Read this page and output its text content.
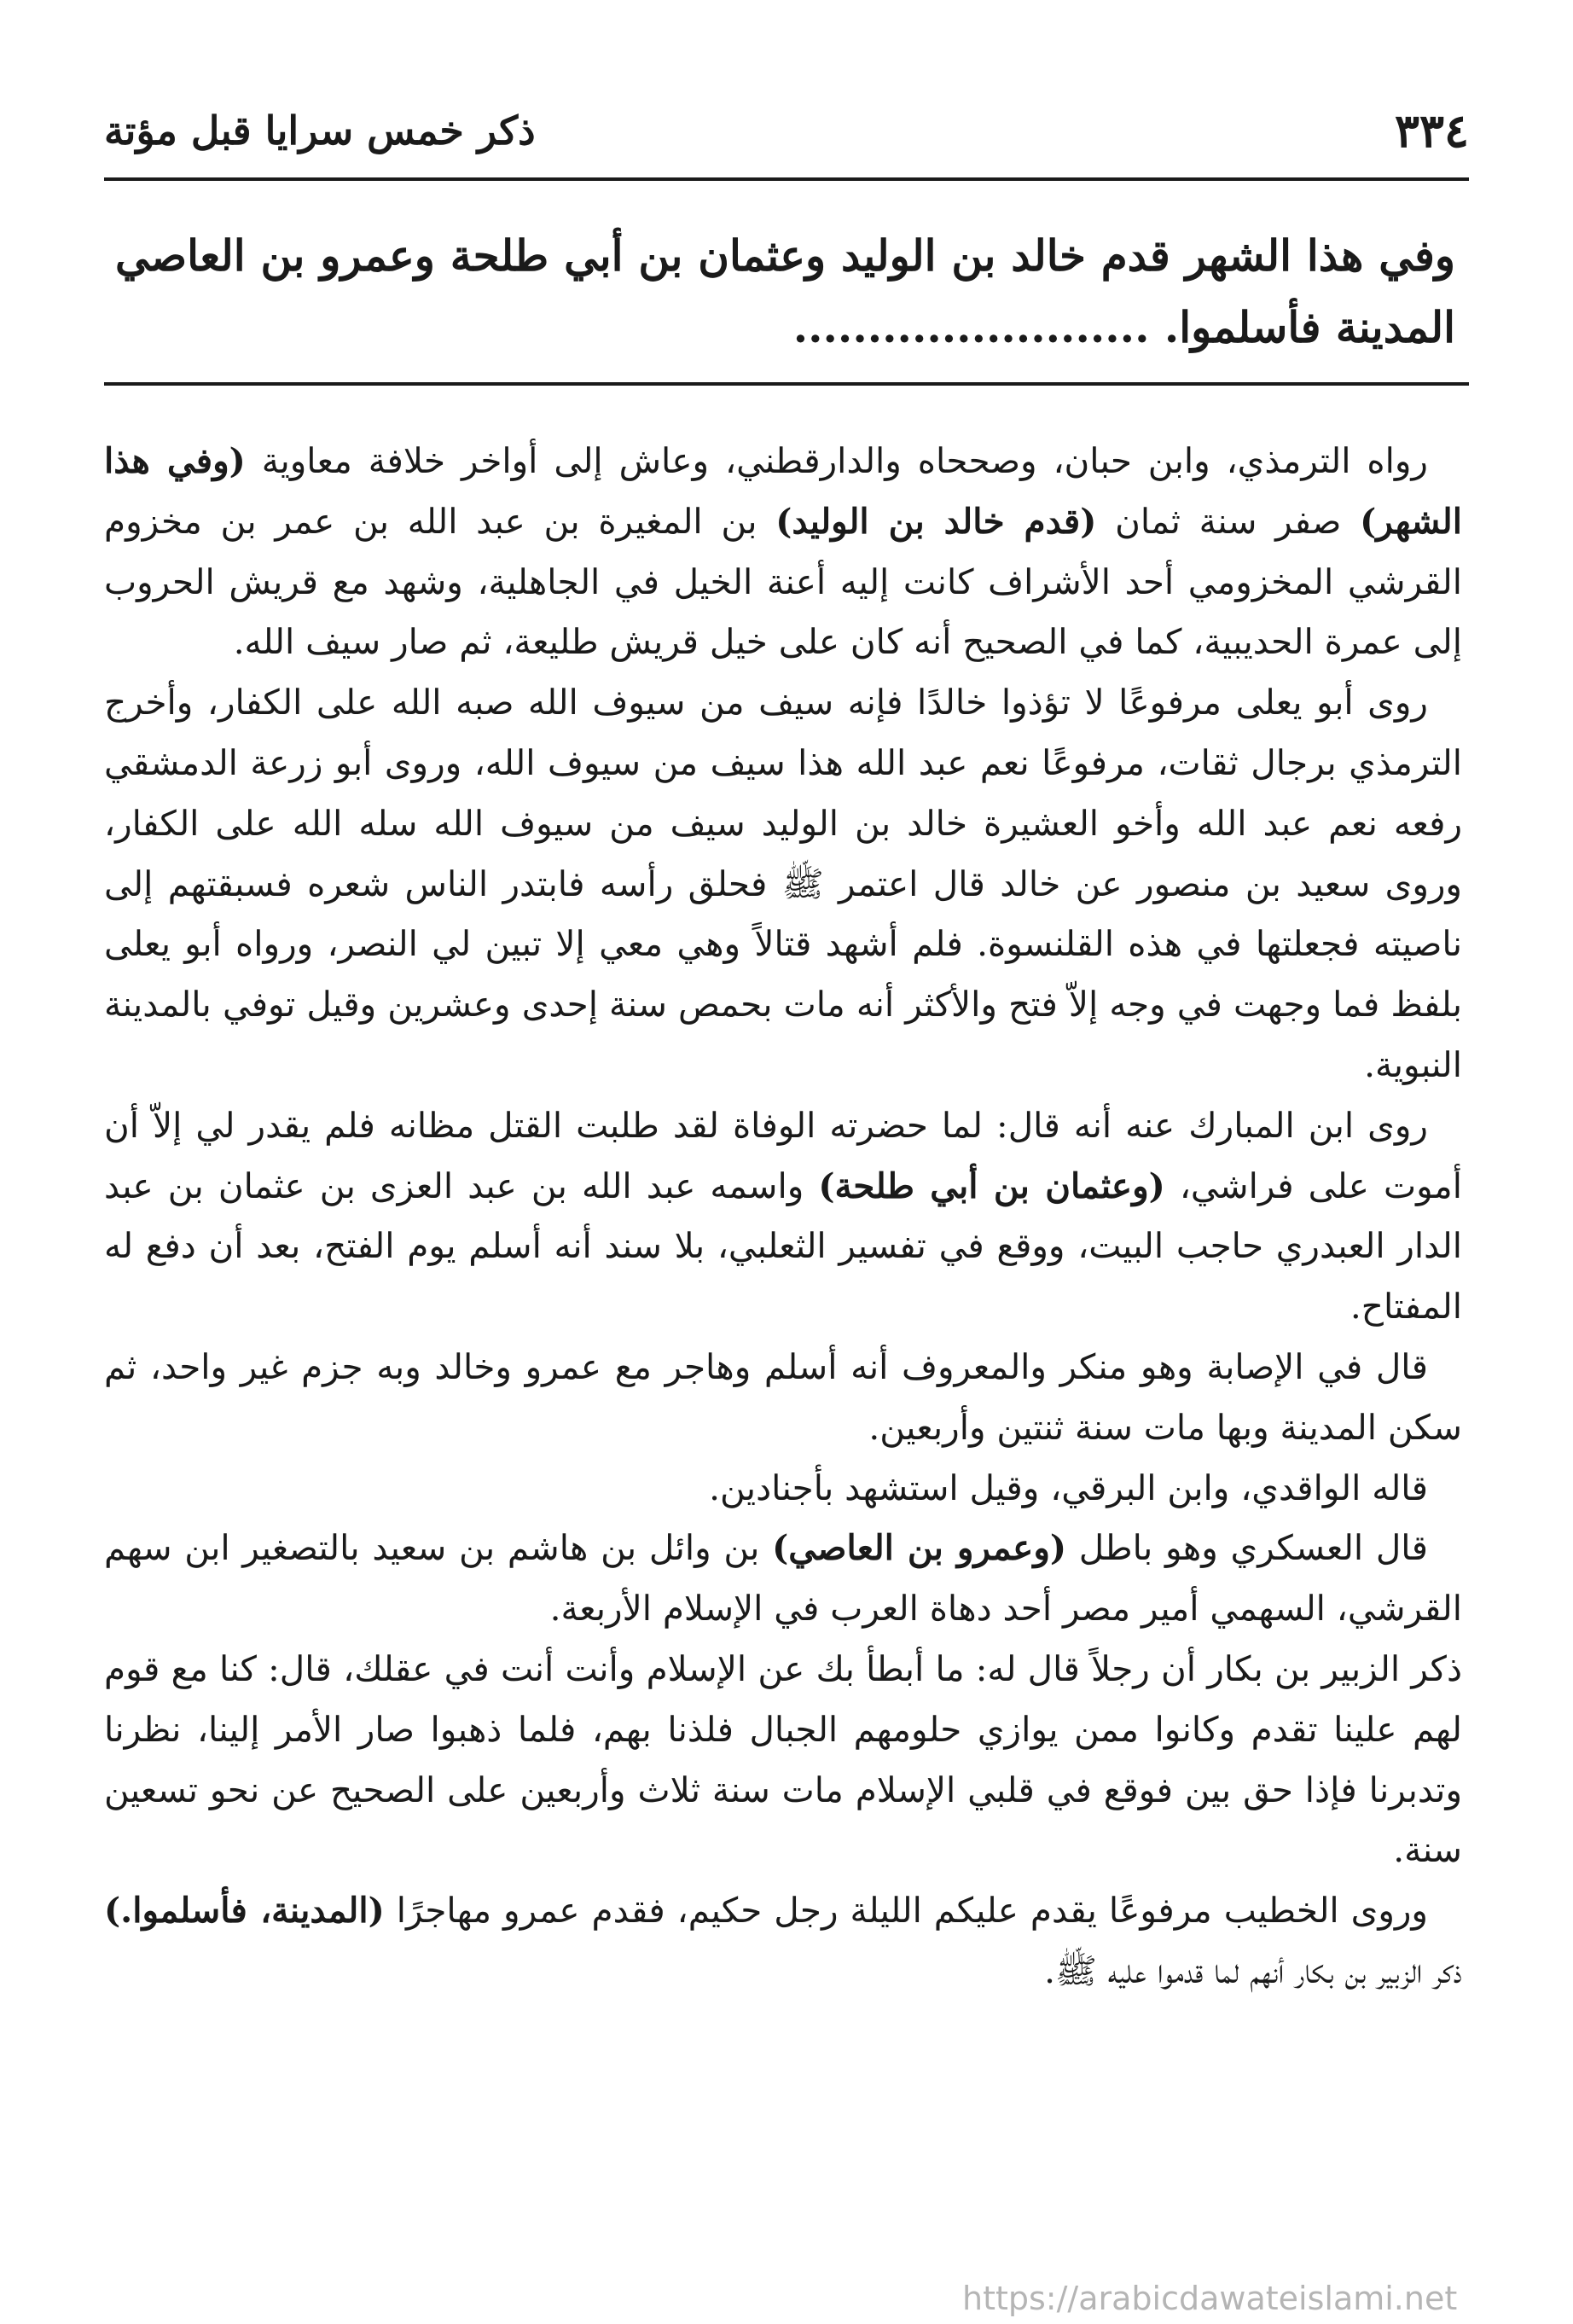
٣٣٤
ذكر خمس سرايا قبل مؤتة
وفي هذا الشهر قدم خالد بن الوليد وعثمان بن أبي طلحة وعمرو بن العاصي المدينة فأسلموا. ........................

رواه الترمذي، وابن حبان، وصححاه والدارقطني، وعاش إلى أواخر خلافة معاوية (وفي هذا الشهر) صفر سنة ثمان (قدم خالد بن الوليد) بن المغيرة بن عبد الله بن عمر بن مخزوم القرشي المخزومي أحد الأشراف كانت إليه أعنة الخيل في الجاهلية، وشهد مع قريش الحروب إلى عمرة الحديبية، كما في الصحيح أنه كان على خيل قريش طليعة، ثم صار سيف الله.

روى أبو يعلى مرفوعًا لا تؤذوا خالدًا فإنه سيف من سيوف الله صبه الله على الكفار، وأخرج الترمذي برجال ثقات، مرفوعًا نعم عبد الله هذا سيف من سيوف الله، وروى أبو زرعة الدمشقي رفعه نعم عبد الله وأخو العشيرة خالد بن الوليد سيف من سيوف الله سله الله على الكفار، وروى سعيد بن منصور عن خالد قال اعتمر ﷺ فحلق رأسه فابتدر الناس شعره فسبقتهم إلى ناصيته فجعلتها في هذه القلنسوة. فلم أشهد قتالاً وهي معي إلا تبين لي النصر، ورواه أبو يعلى بلفظ فما وجهت في وجه إلاّ فتح والأكثر أنه مات بحمص سنة إحدى وعشرين وقيل توفي بالمدينة النبوية.

روى ابن المبارك عنه أنه قال: لما حضرته الوفاة لقد طلبت القتل مظانه فلم يقدر لي إلاّ أن أموت على فراشي، (وعثمان بن أبي طلحة) واسمه عبد الله بن عبد العزى بن عثمان بن عبد الدار العبدري حاجب البيت، ووقع في تفسير الثعلبي، بلا سند أنه أسلم يوم الفتح، بعد أن دفع له المفتاح.

قال في الإصابة وهو منكر والمعروف أنه أسلم وهاجر مع عمرو وخالد وبه جزم غير واحد، ثم سكن المدينة وبها مات سنة ثنتين وأربعين.

قاله الواقدي، وابن البرقي، وقيل استشهد بأجنادين.

قال العسكري وهو باطل (وعمرو بن العاصي) بن وائل بن هاشم بن سعيد بالتصغير ابن سهم القرشي، السهمي أمير مصر أحد دهاة العرب في الإسلام الأربعة.

ذكر الزبير بن بكار أن رجلاً قال له: ما أبطأ بك عن الإسلام وأنت أنت في عقلك، قال: كنا مع قوم لهم علينا تقدم وكانوا ممن يوازي حلومهم الجبال فلذنا بهم، فلما ذهبوا صار الأمر إلينا، نظرنا وتدبرنا فإذا حق بين فوقع في قلبي الإسلام مات سنة ثلاث وأربعين على الصحيح عن نحو تسعين سنة.

وروى الخطيب مرفوعًا يقدم عليكم الليلة رجل حكيم، فقدم عمرو مهاجرًا (المدينة، فأسلموا.) ذكر الزبير بن بكار أنهم لما قدموا عليه ﷺ.

https://arabicdawateislami.net
